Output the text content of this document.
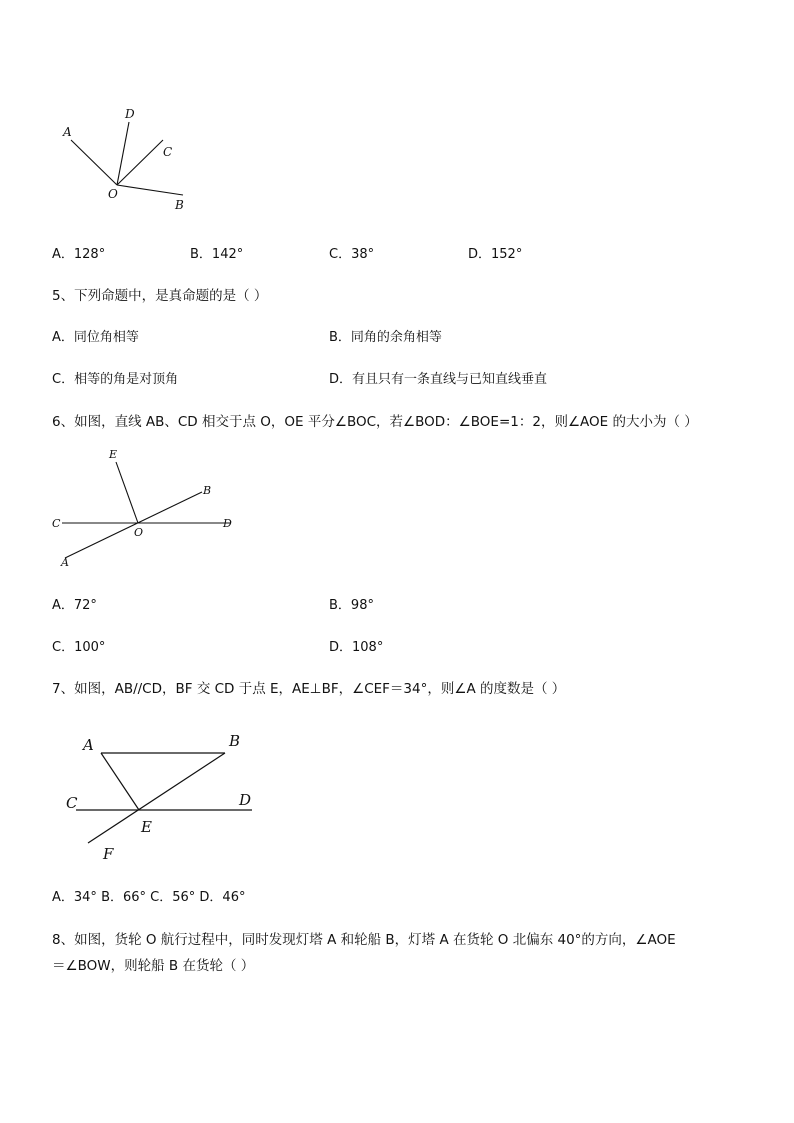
A
D
C
O
B
A．128°	B．142°	C．38°	D．152°
5、下列命题中，是真命题的是（ ）
A．同位角相等	B．同角的余角相等
C．相等的角是对顶角	D．有且只有一条直线与已知直线垂直
6、如图，直线 AB、CD 相交于点 O，OE 平分∠BOC，若∠BOD：∠BOE=1：2，则∠AOE 的大小为（ ）
E
B
C
O
D
A
A．72°	B．98°
C．100°	D．108°
7、如图，AB//CD，BF 交 CD 于点 E，AE⊥BF，∠CEF＝34°，则∠A 的度数是（ ）
A	B
C	D
E
F
A．34° B．66° C．56° D．46°
8、如图，货轮 O 航行过程中，同时发现灯塔 A 和轮船 B，灯塔 A 在货轮 O 北偏东 40°的方向，∠AOE
＝∠BOW，则轮船 B 在货轮（ ）
